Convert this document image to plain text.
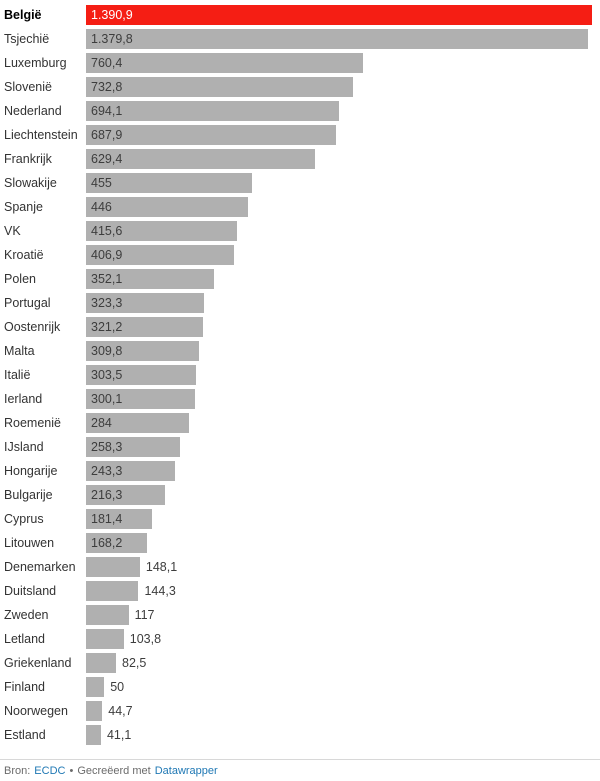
België	1.390,9
Tsjechië	1.379,8
Luxemburg	760,4
Slovenië	732,8
Nederland	694,1
Liechtenstein	687,9
Frankrijk	629,4
Slowakije	455
Spanje	446
VK	415,6
Kroatië	406,9
Polen	352,1
Portugal	323,3
Oostenrijk	321,2
Malta	309,8
Italië	303,5
Ierland	300,1
Roemenië	284
IJsland	258,3
Hongarije	243,3
Bulgarije	216,3
Cyprus	181,4
Litouwen	168,2
Denemarken	148,1
Duitsland	144,3
Zweden	117
Letland	103,8
Griekenland	82,5
Finland	50
Noorwegen	44,7
Estland	41,1
Bron: ECDC • Gecreëerd met Datawrapper
